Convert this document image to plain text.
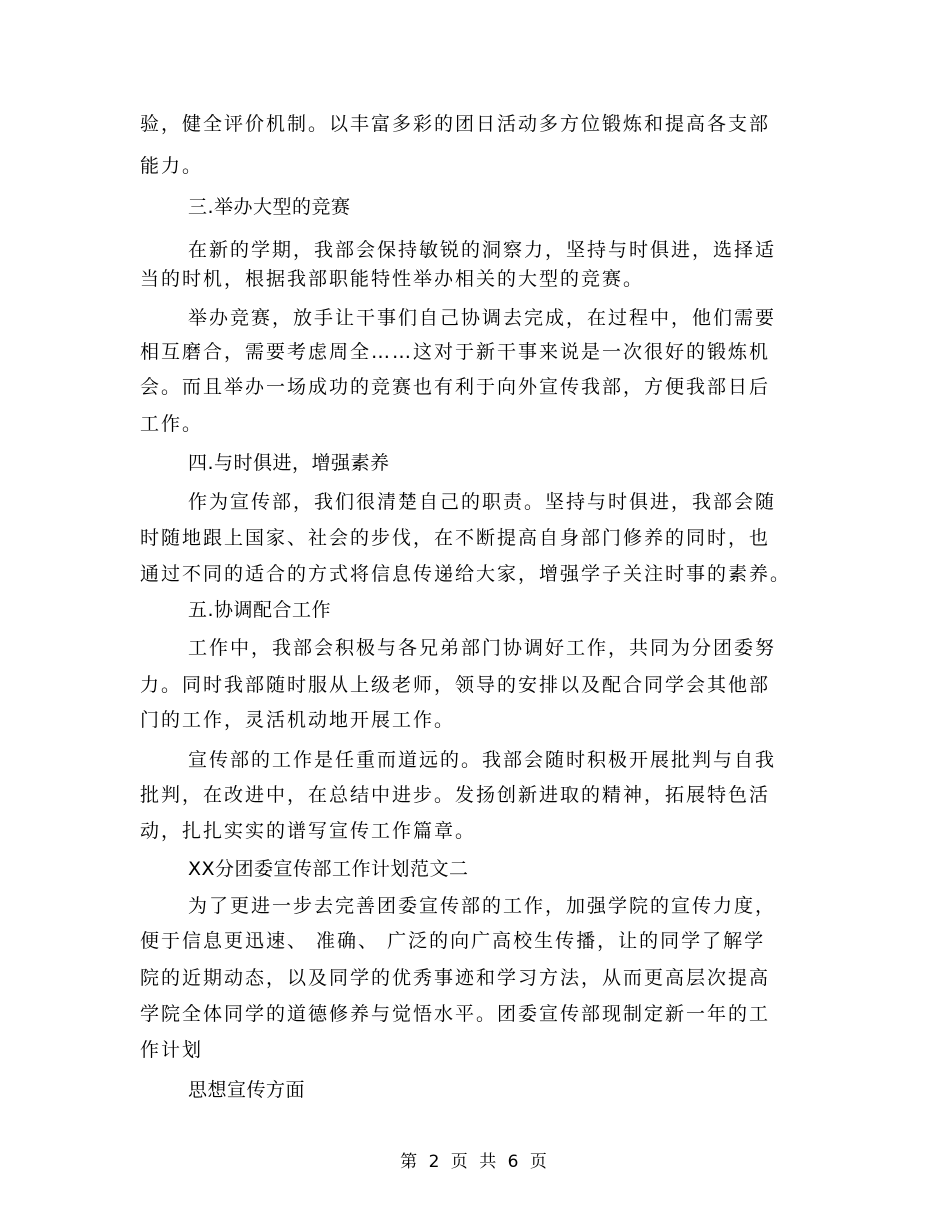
验，健全评价机制。以丰富多彩的团日活动多方位锻炼和提高各支部
能力。
三.举办大型的竞赛
在新的学期，我部会保持敏锐的洞察力，坚持与时俱进，选择适
当的时机，根据我部职能特性举办相关的大型的竞赛。
举办竞赛，放手让干事们自己协调去完成，在过程中，他们需要
相互磨合，需要考虑周全……这对于新干事来说是一次很好的锻炼机
会。而且举办一场成功的竞赛也有利于向外宣传我部，方便我部日后
工作。
四.与时俱进，增强素养
作为宣传部，我们很清楚自己的职责。坚持与时俱进，我部会随
时随地跟上国家、社会的步伐，在不断提高自身部门修养的同时，也
通过不同的适合的方式将信息传递给大家，增强学子关注时事的素养。
五.协调配合工作
工作中，我部会积极与各兄弟部门协调好工作，共同为分团委努
力。同时我部随时服从上级老师，领导的安排以及配合同学会其他部
门的工作，灵活机动地开展工作。
宣传部的工作是任重而道远的。我部会随时积极开展批判与自我
批判，在改进中，在总结中进步。发扬创新进取的精神，拓展特色活
动，扎扎实实的谱写宣传工作篇章。
XX分团委宣传部工作计划范文二
为了更进一步去完善团委宣传部的工作，加强学院的宣传力度，
便于信息更迅速、 准确、 广泛的向广高校生传播，让的同学了解学
院的近期动态，以及同学的优秀事迹和学习方法，从而更高层次提高
学院全体同学的道德修养与觉悟水平。团委宣传部现制定新一年的工
作计划
思想宣传方面
第 2 页 共 6 页
